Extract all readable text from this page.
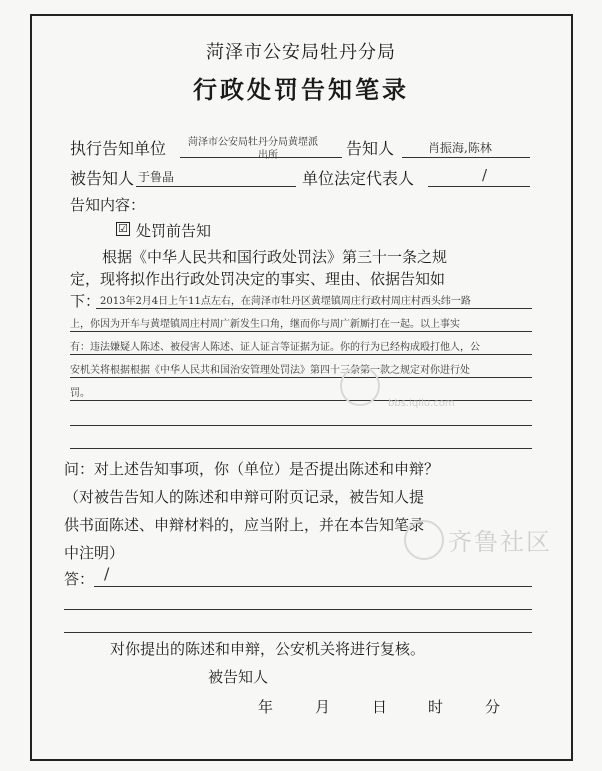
菏泽市公安局牡丹分局
行政处罚告知笔录
执行告知单位 菏泽市公安局牡丹分局黄堽派
出所	告知人	肖振海,陈林
被告知人 于鲁晶	单位法定代表人	/
告知内容：
☑ 处罚前告知
根据《中华人民共和国行政处罚法》第三十一条之规
定，现将拟作出行政处罚决定的事实、理由、依据告知如
下： 2013年2月4日上午11点左右，在菏泽市牡丹区黄堽镇周庄行政村周庄村西头纬一路
上，你因为开车与黄堽镇周庄村周广新发生口角，继而你与周广新厮打在一起。以上事实
有：违法嫌疑人陈述、被侵害人陈述、证人证言等证据为证。你的行为已经构成殴打他人，公
安机关将根据根据《中华人民共和国治安管理处罚法》第四十三条第一款之规定对你进行处
罚。
问：对上述告知事项，你（单位）是否提出陈述和申辩？
（对被告告知人的陈述和申辩可附页记录，被告知人提
供书面陈述、申辩材料的，应当附上，并在本告知笔录
中注明）
答： /
对你提出的陈述和申辩，公安机关将进行复核。
被告知人
年	月	日	时	分
bbs.iqilu.com
齐鲁社区
